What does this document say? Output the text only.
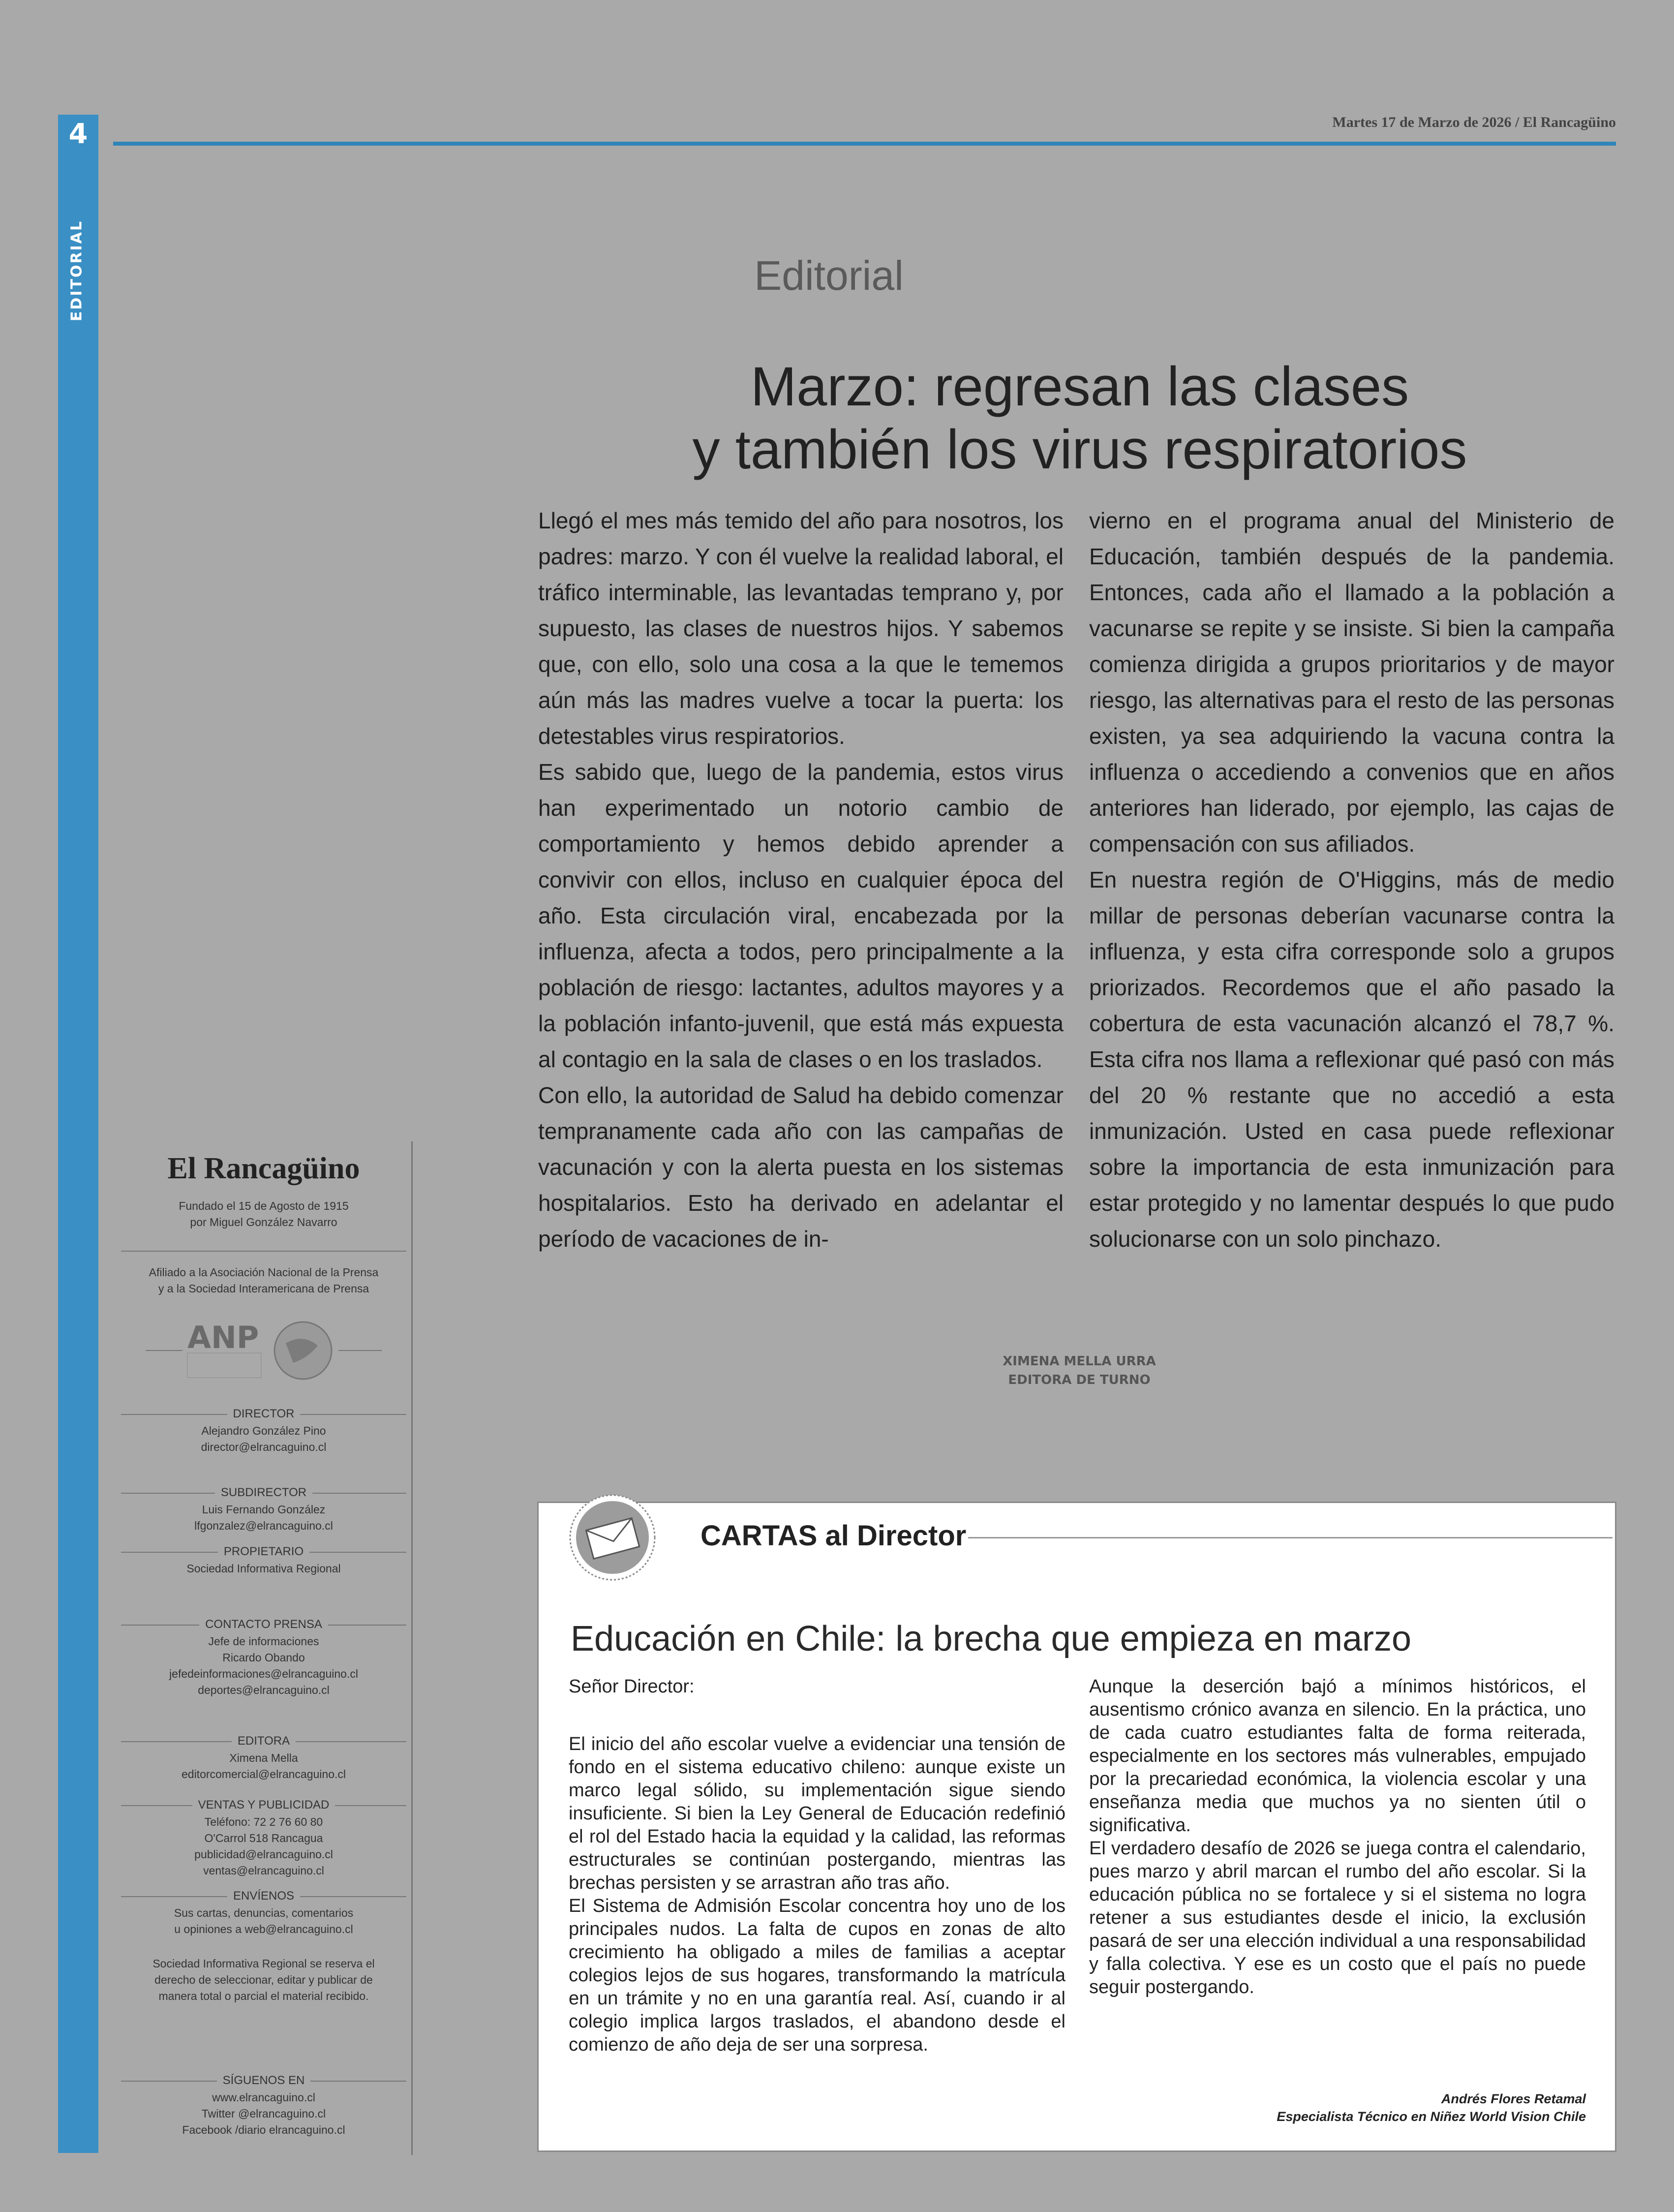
4
EDITORIAL
Martes 17 de Marzo de 2026 / El Rancagüino
Editorial
Marzo: regresan las clases
y también los virus respiratorios

Llegó el mes más temido del año para nosotros, los padres: marzo. Y con él vuelve la realidad laboral, el tráfico interminable, las levantadas temprano y, por supuesto, las clases de nuestros hijos. Y sabemos que, con ello, solo una cosa a la que le tememos aún más las madres vuelve a tocar la puerta: los detestables virus respiratorios.

Es sabido que, luego de la pandemia, estos virus han experimentado un notorio cambio de comportamiento y hemos debido aprender a convivir con ellos, incluso en cualquier época del año. Esta circulación viral, encabezada por la influenza, afecta a todos, pero principalmente a la población de riesgo: lactantes, adultos mayores y a la población infanto-juvenil, que está más expuesta al contagio en la sala de clases o en los traslados.

Con ello, la autoridad de Salud ha debido comenzar tempranamente cada año con las campañas de vacunación y con la alerta puesta en los sistemas hospitalarios. Esto ha derivado en adelantar el período de vacaciones de in-

vierno en el programa anual del Ministerio de Educación, también después de la pandemia. Entonces, cada año el llamado a la población a vacunarse se repite y se insiste. Si bien la campaña comienza dirigida a grupos prioritarios y de mayor riesgo, las alternativas para el resto de las personas existen, ya sea adquiriendo la vacuna contra la influenza o accediendo a convenios que en años anteriores han liderado, por ejemplo, las cajas de compensación con sus afiliados.

En nuestra región de O'Higgins, más de medio millar de personas deberían vacunarse contra la influenza, y esta cifra corresponde solo a grupos priorizados. Recordemos que el año pasado la cobertura de esta vacunación alcanzó el 78,7 %. Esta cifra nos llama a reflexionar qué pasó con más del 20 % restante que no accedió a esta inmunización. Usted en casa puede reflexionar sobre la importancia de esta inmunización para estar protegido y no lamentar después lo que pudo solucionarse con un solo pinchazo.

XIMENA MELLA URRA
EDITORA DE TURNO
El Rancagüino
Fundado el 15 de Agosto de 1915
por Miguel González Navarro
Afiliado a la Asociación Nacional de la Prensa
y a la Sociedad Interamericana de Prensa
ANP
DIRECTOR
Alejandro González Pino
director@elrancaguino.cl
SUBDIRECTOR
Luis Fernando González
lfgonzalez@elrancaguino.cl
PROPIETARIO
Sociedad Informativa Regional
CONTACTO PRENSA
Jefe de informaciones
Ricardo Obando
jefedeinformaciones@elrancaguino.cl
deportes@elrancaguino.cl
EDITORA
Ximena Mella
editorcomercial@elrancaguino.cl
VENTAS Y PUBLICIDAD
Teléfono: 72 2 76 60 80
O'Carrol 518 Rancagua
publicidad@elrancaguino.cl
ventas@elrancaguino.cl
ENVÍENOS
Sus cartas, denuncias, comentarios
u opiniones a web@elrancaguino.cl
Sociedad Informativa Regional se reserva el
derecho de seleccionar, editar y publicar de
manera total o parcial el material recibido.
SÍGUENOS EN
www.elrancaguino.cl
Twitter @elrancaguino.cl
Facebook /diario elrancaguino.cl
CARTAS al Director
Educación en Chile: la brecha que empieza en marzo

Señor Director:

El inicio del año escolar vuelve a evidenciar una tensión de fondo en el sistema educativo chileno: aunque existe un marco legal sólido, su implementación sigue siendo insuficiente. Si bien la Ley General de Educación redefinió el rol del Estado hacia la equidad y la calidad, las reformas estructurales se continúan postergando, mientras las brechas persisten y se arrastran año tras año.

El Sistema de Admisión Escolar concentra hoy uno de los principales nudos. La falta de cupos en zonas de alto crecimiento ha obligado a miles de familias a aceptar colegios lejos de sus hogares, transformando la matrícula en un trámite y no en una garantía real. Así, cuando ir al colegio implica largos traslados, el abandono desde el comienzo de año deja de ser una sorpresa.

Aunque la deserción bajó a mínimos históricos, el ausentismo crónico avanza en silencio. En la práctica, uno de cada cuatro estudiantes falta de forma reiterada, especialmente en los sectores más vulnerables, empujado por la precariedad económica, la violencia escolar y una enseñanza media que muchos ya no sienten útil o significativa.

El verdadero desafío de 2026 se juega contra el calendario, pues marzo y abril marcan el rumbo del año escolar. Si la educación pública no se fortalece y si el sistema no logra retener a sus estudiantes desde el inicio, la exclusión pasará de ser una elección individual a una responsabilidad y falla colectiva. Y ese es un costo que el país no puede seguir postergando.

Andrés Flores Retamal
Especialista Técnico en Niñez World Vision Chile
